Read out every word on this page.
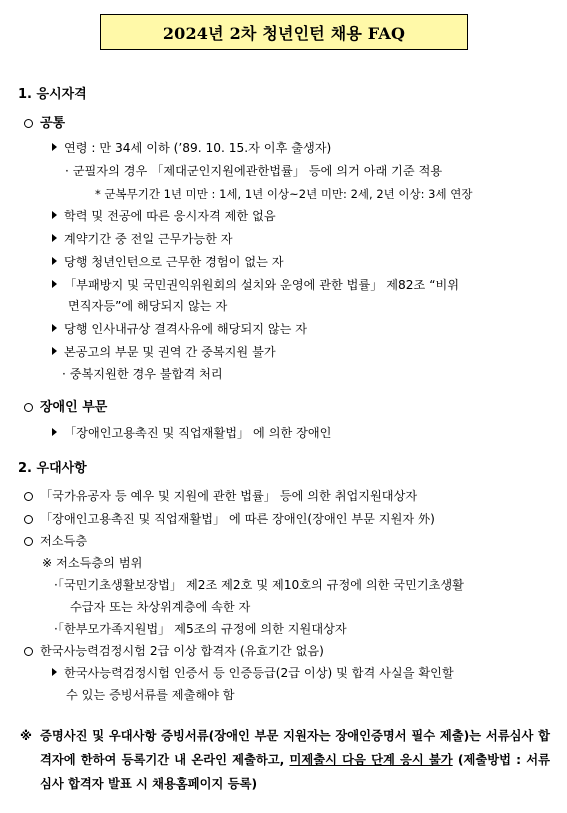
2024년 2차 청년인턴 채용 FAQ
1. 응시자격
공통
연령 : 만 34세 이하 (’89. 10. 15.자 이후 출생자)
· 군필자의 경우 「제대군인지원에관한법률」 등에 의거 아래 기준 적용
* 군복무기간 1년 미만 : 1세, 1년 이상~2년 미만: 2세, 2년 이상: 3세 연장
학력 및 전공에 따른 응시자격 제한 없음
계약기간 중 전일 근무가능한 자
당행 청년인턴으로 근무한 경험이 없는 자
「부패방지 및 국민권익위원회의 설치와 운영에 관한 법률」 제82조 “비위
면직자등”에 해당되지 않는 자
당행 인사내규상 결격사유에 해당되지 않는 자
본공고의 부문 및 권역 간 중복지원 불가
· 중복지원한 경우 불합격 처리
장애인 부문
「장애인고용촉진 및 직업재활법」 에 의한 장애인
2. 우대사항
「국가유공자 등 예우 및 지원에 관한 법률」 등에 의한 취업지원대상자
「장애인고용촉진 및 직업재활법」 에 따른 장애인(장애인 부문 지원자 外)
저소득층
※ 저소득층의 범위
·「국민기초생활보장법」 제2조 제2호 및 제10호의 규정에 의한 국민기초생활
수급자 또는 차상위계층에 속한 자
·「한부모가족지원법」 제5조의 규정에 의한 지원대상자
한국사능력검정시험 2급 이상 합격자 (유효기간 없음)
한국사능력검정시험 인증서 등 인증등급(2급 이상) 및 합격 사실을 확인할
수 있는 증빙서류를 제출해야 함
※ 증명사진 및 우대사항 증빙서류(장애인 부문 지원자는 장애인증명서 필수 제출)는 서류심사 합격자에 한하여 등록기간 내 온라인 제출하고, 미제출시 다음 단계 응시 불가 (제출방법 : 서류심사 합격자 발표 시 채용홈페이지 등록)
